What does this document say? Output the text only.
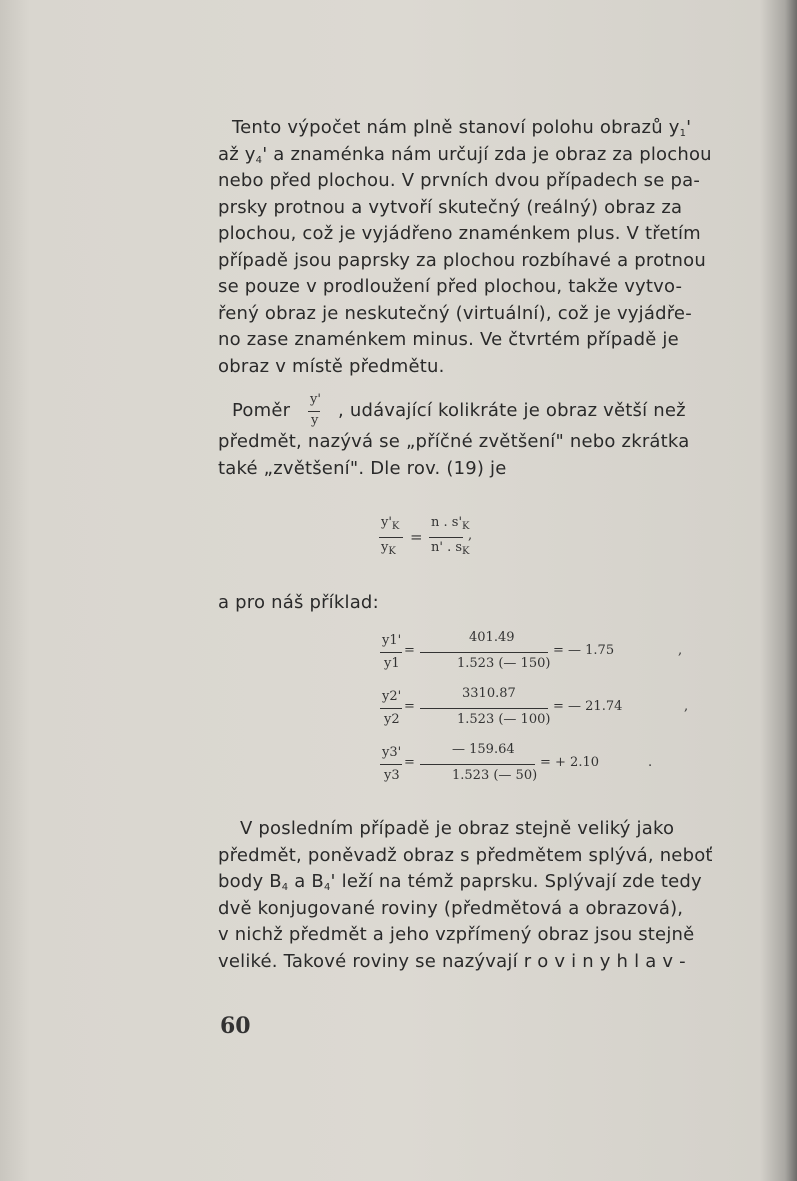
Tento výpočet nám plně stanoví polohu obrazů $y_1'$
až $y_4'$ a znaménka nám určují zda je obraz za plochou
nebo před plochou. V prvních dvou případech se pa-
prsky protnou a vytvoří skutečný (reálný) obraz za
plochou, což je vyjádřeno znaménkem plus. V třetím
případě jsou paprsky za plochou rozbíhavé a protnou
se pouze v prodloužení před plochou, takže vytvo-
řený obraz je neskutečný (virtuální), což je vyjádře-
no zase znaménkem minus. Ve čtvrtém případě je
obraz v místě předmětu.
Poměr
y'
y , udávající kolikráte je obraz větší než
předmět, nazývá se „příčné zvětšení" nebo zkrátka
také „zvětšení". Dle rov. (19) je
$y'_K$
$y_K$
=
n . $s'_K$
n' . $s_K$
,
a pro náš příklad:
y1'
y1
=
401.49
1.523 (— 150)
= — 1.75	,
y2'
y2
=
3310.87
1.523 (— 100)
= — 21.74	,
y3'
y3
=
— 159.64
1.523 (— 50)
= + 2.10	.
V posledním případě je obraz stejně veliký jako
předmět, poněvadž obraz s předmětem splývá, neboť
body $B_4$ a $B_4'$ leží na témž paprsku. Splývají zde tedy
dvě konjugované roviny (předmětová a obrazová),
v nichž předmět a jeho vzpřímený obraz jsou stejně
veliké. Takové roviny se nazývají r o v i n y h l a v -
60
